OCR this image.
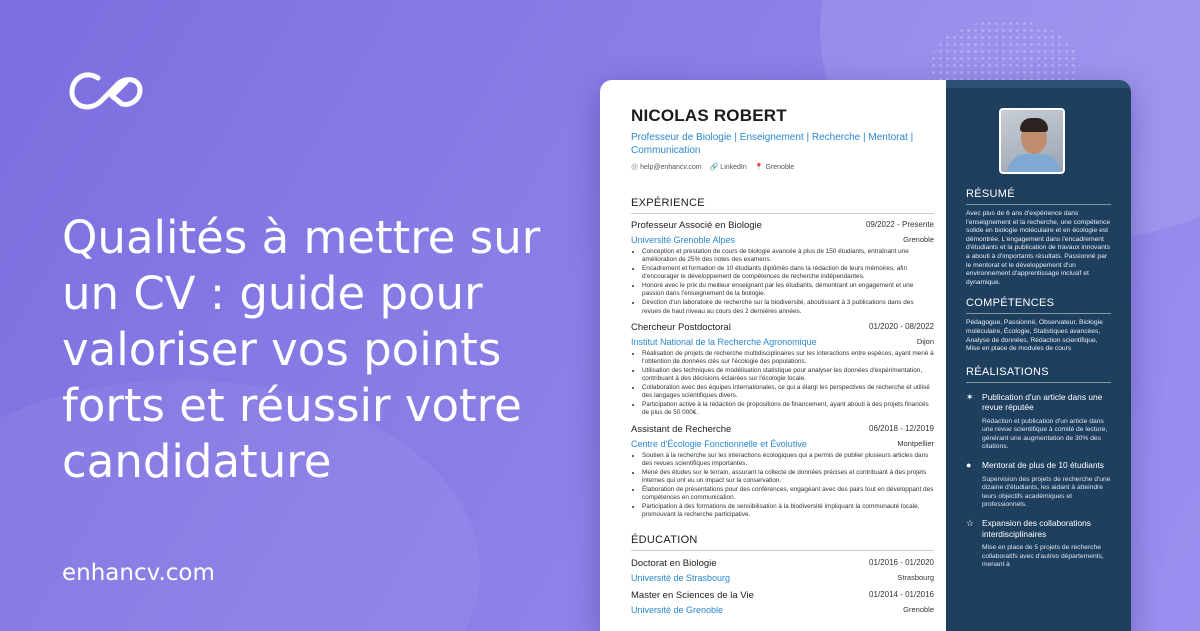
Qualités à mettre sur un CV : guide pour valoriser vos points forts et réussir votre candidature
enhancv.com
NICOLAS ROBERT
Professeur de Biologie | Enseignement | Recherche | Mentorat | Communication
@ help@enhancv.com 🔗 LinkedIn 📍 Grenoble
EXPÉRIENCE
Professeur Associé en Biologie	09/2022 - Presente
Université Grenoble Alpes	Grenoble
• Conception et prestation de cours de biologie avancée à plus de 150 étudiants, entraînant une amélioration de 25% des notes des examens.
• Encadrement et formation de 10 étudiants diplômés dans la rédaction de leurs mémoires, afin d'encourager le développement de compétences de recherche indépendantes.
• Honoré avec le prix du meilleur enseignant par les étudiants, démontrant un engagement et une passion dans l'enseignement de la biologie.
• Direction d'un laboratoire de recherche sur la biodiversité, aboutissant à 3 publications dans des revues de haut niveau au cours des 2 dernières années.
Chercheur Postdoctoral	01/2020 - 08/2022
Institut National de la Recherche Agronomique	Dijon
• Réalisation de projets de recherche multidisciplinaires sur les interactions entre espèces, ayant mené à l'obtention de données clés sur l'écologie des populations.
• Utilisation des techniques de modélisation statistique pour analyser les données d'expérimentation, contribuant à des décisions éclairées sur l'écologie locale.
• Collaboration avec des équipes internationales, ce qui a élargi les perspectives de recherche et utilisé des langages scientifiques divers.
• Participation active à la rédaction de propositions de financement, ayant abouti à des projets financés de plus de 50 000€.
Assistant de Recherche	06/2018 - 12/2019
Centre d'Écologie Fonctionnelle et Évolutive	Montpellier
• Soutien à la recherche sur les interactions écologiques qui a permis de publier plusieurs articles dans des revues scientifiques importantes.
• Mené des études sur le terrain, assurant la collecte de données précises et contribuant à des projets internes qui ont eu un impact sur la conservation.
• Élaboration de présentations pour des conférences, engageant avec des pairs tout en développant des compétences en communication.
• Participation à des formations de sensibilisation à la biodiversité impliquant la communauté locale, promouvant la recherche participative.
ÉDUCATION
Doctorat en Biologie	01/2016 - 01/2020
Université de Strasbourg	Strasbourg
Master en Sciences de la Vie	01/2014 - 01/2016
Université de Grenoble	Grenoble
RÉSUMÉ
Avec plus de 6 ans d'expérience dans l'enseignement et la recherche, une compétence solide en biologie moléculaire et en écologie est démontrée. L'engagement dans l'encadrement d'étudiants et la publication de travaux innovants a abouti à d'importants résultats. Passionné par le mentorat et le développement d'un environnement d'apprentissage inclusif et dynamique.
COMPÉTENCES
Pédagogue, Passionné, Observateur, Biologie moléculaire, Écologie, Statistiques avancées, Analyse de données, Rédaction scientifique, Mise en place de modules de cours
RÉALISATIONS
✶ Publication d'un article dans une revue réputée
Rédaction et publication d'un article dans une revue scientifique à comité de lecture, générant une augmentation de 30% des citations.
●	Mentorat de plus de 10 étudiants
Supervision des projets de recherche d'une dizaine d'étudiants, les aidant à atteindre leurs objectifs académiques et professionnels.
☆ Expansion des collaborations interdisciplinaires
Mise en place de 5 projets de recherche collaboratifs avec d'autres départements, menant à
